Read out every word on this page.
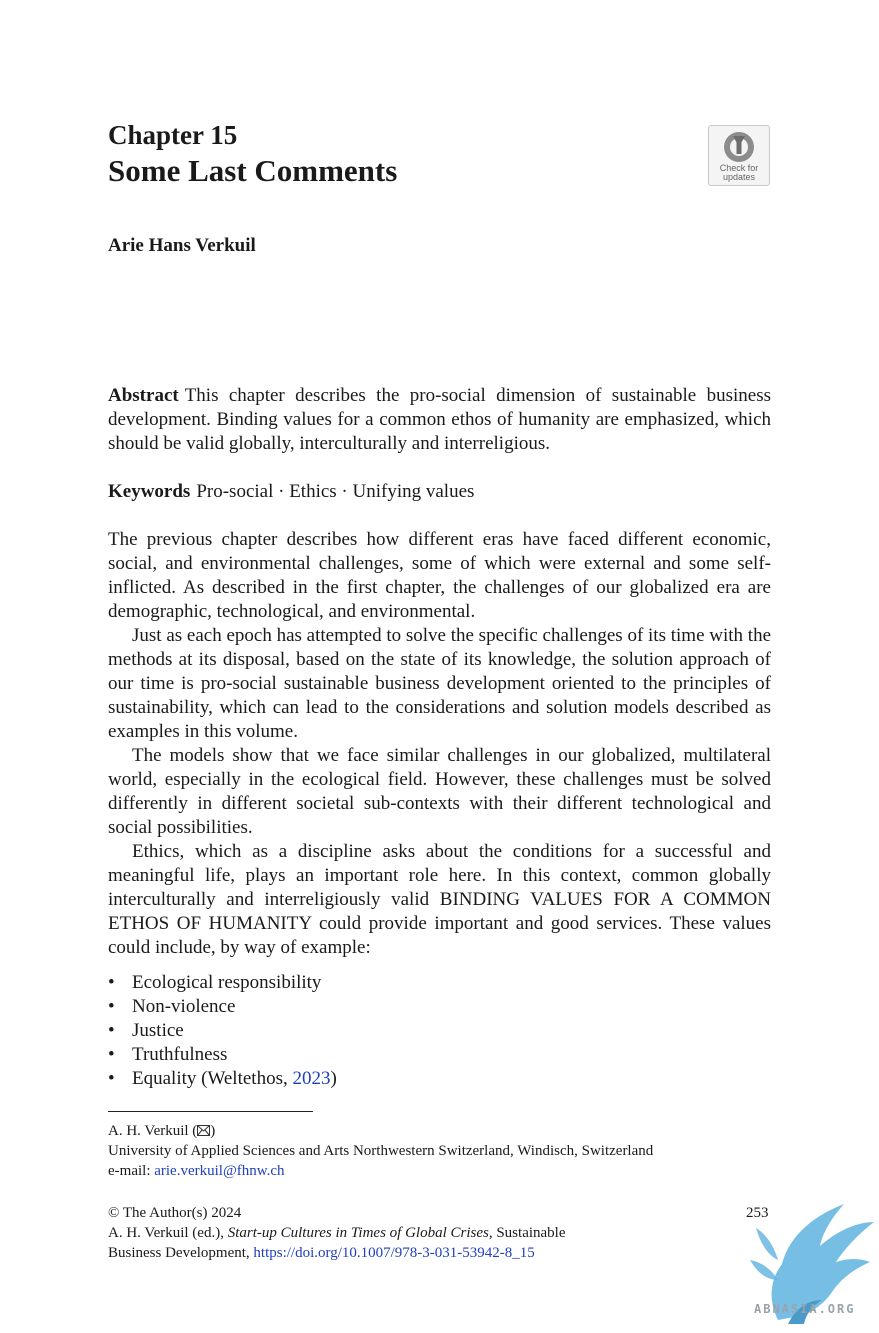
Chapter 15
Some Last Comments	Check for
updates
Arie Hans Verkuil
Abstract This chapter describes the pro-social dimension of sustainable business development. Binding values for a common ethos of humanity are emphasized, which should be valid globally, interculturally and interreligious.
Keywords Pro-social · Ethics · Unifying values

The previous chapter describes how different eras have faced different economic, social, and environmental challenges, some of which were external and some self-inflicted. As described in the first chapter, the challenges of our globalized era are demographic, technological, and environmental.

Just as each epoch has attempted to solve the specific challenges of its time with the methods at its disposal, based on the state of its knowledge, the solution approach of our time is pro-social sustainable business development oriented to the principles of sustainability, which can lead to the considerations and solution models described as examples in this volume.

The models show that we face similar challenges in our globalized, multilateral world, especially in the ecological field. However, these challenges must be solved differently in different societal sub-contexts with their different technological and social possibilities.

Ethics, which as a discipline asks about the conditions for a successful and meaningful life, plays an important role here. In this context, common globally interculturally and interreligiously valid BINDING VALUES FOR A COMMON ETHOS OF HUMANITY could provide important and good services. These values could include, by way of example:

• Ecological responsibility
• Non-violence
• Justice
• Truthfulness
• Equality (Weltethos, 2023)
A. H. Verkuil ( )
University of Applied Sciences and Arts Northwestern Switzerland, Windisch, Switzerland
e-mail: arie.verkuil@fhnw.ch
© The Author(s) 2024
A. H. Verkuil (ed.), Start-up Cultures in Times of Global Crises, Sustainable
Business Development, https://doi.org/10.1007/978-3-031-53942-8_15
253
ABNASIA.ORG
